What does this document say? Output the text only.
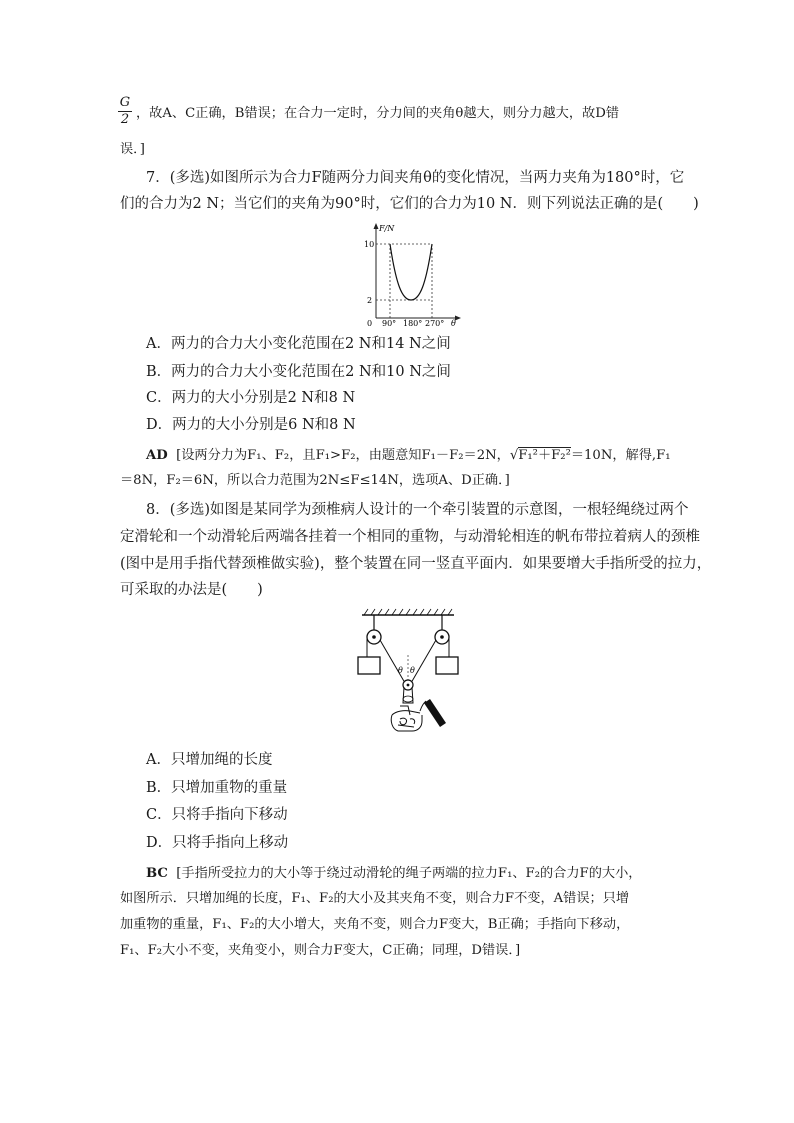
$\frac{G}{2}$ ，故A、C正确，B错误；在合力一定时，分力间的夹角θ越大，则分力越大，故D错
误．]
7．(多选)如图所示为合力F随两分力间夹角θ的变化情况，当两力夹角为180°时，它
们的合力为2 N；当它们的夹角为90°时，它们的合力为10 N．则下列说法正确的是( )
F/N
10
2
0 90° 180° 270° θ
A．两力的合力大小变化范围在2 N和14 N之间
B．两力的合力大小变化范围在2 N和10 N之间
C．两力的大小分别是2 N和8 N
D．两力的大小分别是6 N和8 N
AD [设两分力为F₁、F₂，且F₁>F₂，由题意知F₁－F₂＝2N，√F₁²＋F₂²＝10N，解得,F₁
＝8N，F₂＝6N，所以合力范围为2N≤F≤14N，选项A、D正确．]
8．(多选)如图是某同学为颈椎病人设计的一个牵引装置的示意图，一根轻绳绕过两个
定滑轮和一个动滑轮后两端各挂着一个相同的重物，与动滑轮相连的帆布带拉着病人的颈椎
(图中是用手指代替颈椎做实验)，整个装置在同一竖直平面内．如果要增大手指所受的拉力，
可采取的办法是( )
θ θ
A．只增加绳的长度
B．只增加重物的重量
C．只将手指向下移动
D．只将手指向上移动
BC [手指所受拉力的大小等于绕过动滑轮的绳子两端的拉力F₁、F₂的合力F的大小，
如图所示．只增加绳的长度，F₁、F₂的大小及其夹角不变，则合力F不变，A错误；只增
加重物的重量，F₁、F₂的大小增大，夹角不变，则合力F变大，B正确；手指向下移动，
F₁、F₂大小不变，夹角变小，则合力F变大，C正确；同理，D错误．]
